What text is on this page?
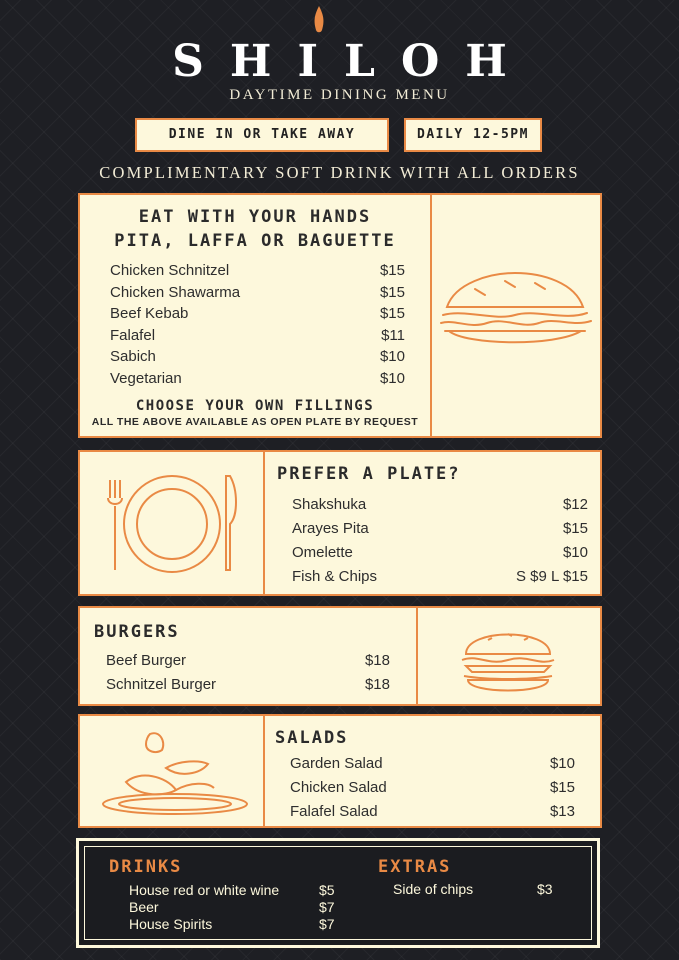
SHILOH
DAYTIME DINING MENU
DINE IN OR TAKE AWAY	DAILY 12-5PM
COMPLIMENTARY SOFT DRINK WITH ALL ORDERS
EAT WITH YOUR HANDS
PITA, LAFFA OR BAGUETTE
Chicken Schnitzel	$15
Chicken Shawarma	$15
Beef Kebab	$15
Falafel	$11
Sabich	$10
Vegetarian	$10
CHOOSE YOUR OWN FILLINGS
ALL THE ABOVE AVAILABLE AS OPEN PLATE BY REQUEST
PREFER A PLATE?
Shakshuka	$12
Arayes Pita	$15
Omelette	$10
Fish & Chips	S $9 L $15
BURGERS
Beef Burger	$18
Schnitzel Burger	$18
SALADS
Garden Salad	$10
Chicken Salad	$15
Falafel Salad	$13
DRINKS
House red or white wine	$5
Beer	$7
House Spirits	$7
EXTRAS
Side of chips	$3
